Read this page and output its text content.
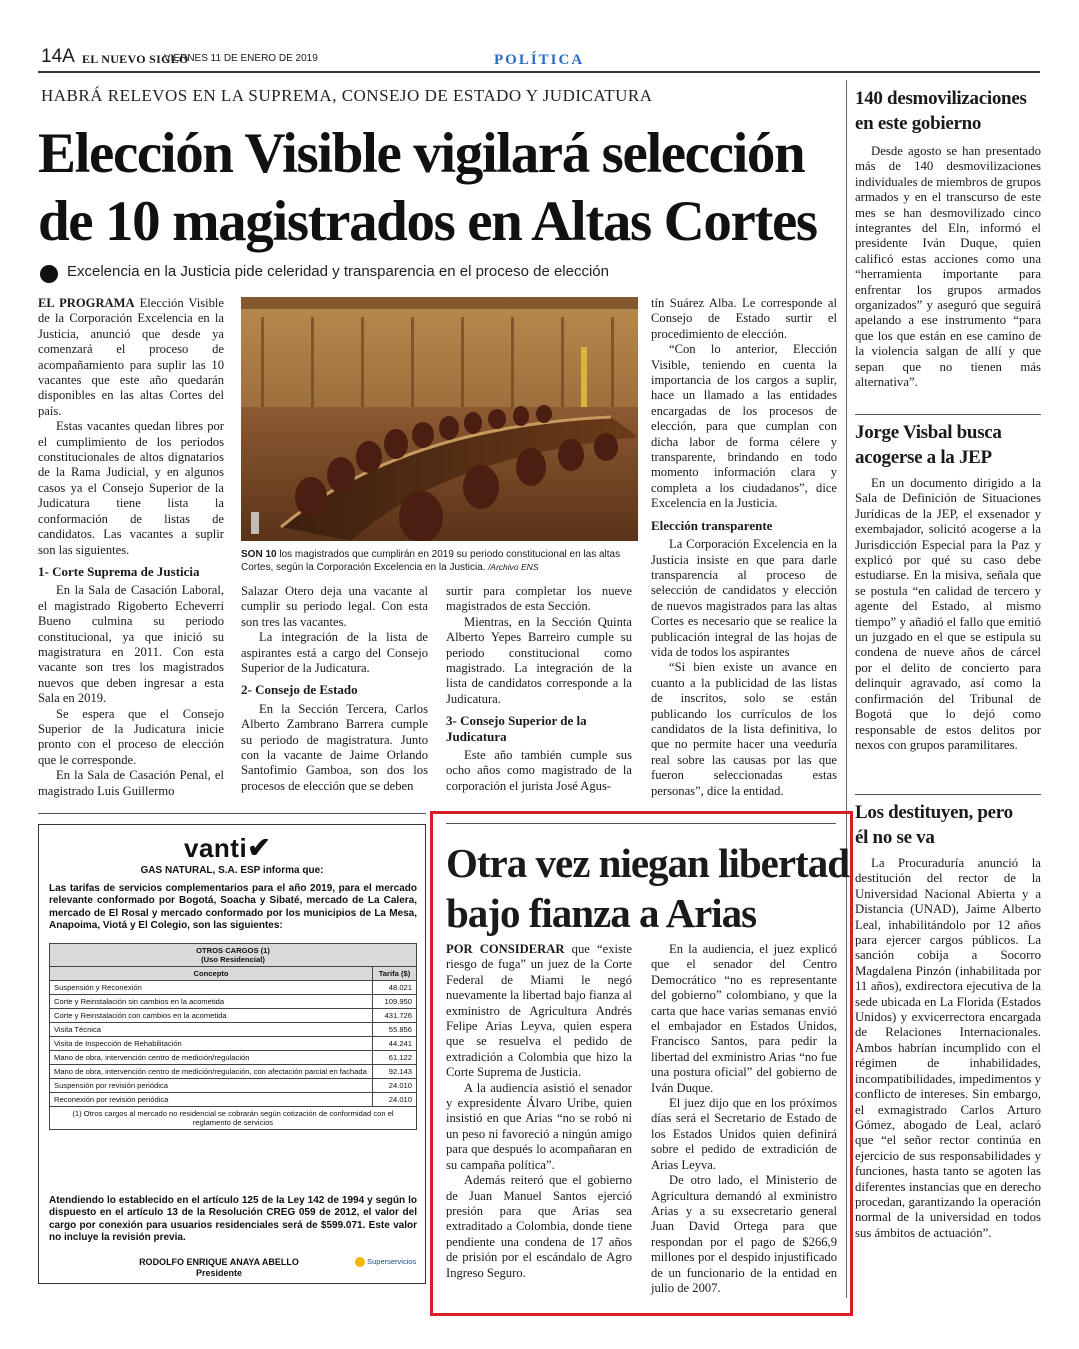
14A EL NUEVO SIGLO
VIERNES 11 DE ENERO DE 2019	POLÍTICA
HABRÁ RELEVOS EN LA SUPREMA, CONSEJO DE ESTADO Y JUDICATURA
Elección Visible vigilará selección
de 10 magistrados en Altas Cortes
Excelencia en la Justicia pide celeridad y transparencia en el proceso de elección

EL PROGRAMA Elección Visible de la Corporación Excelencia en la Justicia, anunció que desde ya comenzará el proceso de acompañamiento para suplir las 10 vacantes que este año quedarán disponibles en las altas Cortes del país.

Estas vacantes quedan libres por el cumplimiento de los periodos constitucionales de altos dignatarios de la Rama Judicial, y en algunos casos ya el Consejo Superior de la Judicatura tiene lista la conformación de listas de candidatos. Las vacantes a suplir son las siguientes.

1- Corte Suprema de Justicia

En la Sala de Casación Laboral, el magistrado Rigoberto Echeverri Bueno culmina su periodo constitucional, ya que inició su magistratura en 2011. Con esta vacante son tres los magistrados nuevos que deben ingresar a esta Sala en 2019.

Se espera que el Consejo Superior de la Judicatura inicie pronto con el proceso de elección que le corresponde.

En la Sala de Casación Penal, el magistrado Luis Guillermo

SON 10 los magistrados que cumplirán en 2019 su periodo constitucional en las altas Cortes, según la Corporación Excelencia en la Justicia. /Archivo ENS

Salazar Otero deja una vacante al cumplir su periodo legal. Con esta son tres las vacantes.

La integración de la lista de aspirantes está a cargo del Consejo Superior de la Judicatura.

2- Consejo de Estado

En la Sección Tercera, Carlos Alberto Zambrano Barrera cumple su periodo de magistratura. Junto con la vacante de Jaime Orlando Santofimio Gamboa, son dos los procesos de elección que se deben

surtir para completar los nueve magistrados de esta Sección.

Mientras, en la Sección Quinta Alberto Yepes Barreiro cumple su periodo constitucional como magistrado. La integración de la lista de candidatos corresponde a la Judicatura.

3- Consejo Superior de la Judicatura

Este año también cumple sus ocho años como magistrado de la corporación el jurista José Agus-

tín Suárez Alba. Le corresponde al Consejo de Estado surtir el procedimiento de elección.

“Con lo anterior, Elección Visible, teniendo en cuenta la importancia de los cargos a suplir, hace un llamado a las entidades encargadas de los procesos de elección, para que cumplan con dicha labor de forma célere y transparente, brindando en todo momento información clara y completa a los ciudadanos”, dice Excelencia en la Justicia.

Elección transparente

La Corporación Excelencia en la Justicia insiste en que para darle transparencia al proceso de selección de candidatos y elección de nuevos magistrados para las altas Cortes es necesario que se realice la publicación integral de las hojas de vida de todos los aspirantes

“Si bien existe un avance en cuanto a la publicidad de las listas de inscritos, solo se están publicando los currículos de los candidatos de la lista definitiva, lo que no permite hacer una veeduría real sobre las causas por las que fueron seleccionadas estas personas”, dice la entidad.

140 desmovilizaciones en este gobierno

Desde agosto se han presentado más de 140 desmovilizaciones individuales de miembros de grupos armados y en el transcurso de este mes se han desmovilizado cinco integrantes del Eln, informó el presidente Iván Duque, quien calificó estas acciones como una “herramienta importante para enfrentar los grupos armados organizados” y aseguró que seguirá apelando a ese instrumento “para que los que están en ese camino de la violencia salgan de allí y que sepan que no tienen más alternativa”.

Jorge Visbal busca acogerse a la JEP

En un documento dirigido a la Sala de Definición de Situaciones Jurídicas de la JEP, el exsenador y exembajador, solicitó acogerse a la Jurisdicción Especial para la Paz y explicó por qué su caso debe estudiarse. En la misiva, señala que se postula “en calidad de tercero y agente del Estado, al mismo tiempo” y añadió el fallo que emitió un juzgado en el que se estipula su condena de nueve años de cárcel por el delito de concierto para delinquir agravado, así como la confirmación del Tribunal de Bogotá que lo dejó como responsable de estos delitos por nexos con grupos paramilitares.

Los destituyen, pero él no se va

La Procuraduría anunció la destitución del rector de la Universidad Nacional Abierta y a Distancia (UNAD), Jaime Alberto Leal, inhabilitándolo por 12 años para ejercer cargos públicos. La sanción cobija a Socorro Magdalena Pinzón (inhabilitada por 11 años), exdirectora ejecutiva de la sede ubicada en La Florida (Estados Unidos) y exvicerrectora encargada de Relaciones Internacionales. Ambos habrían incumplido con el régimen de inhabilidades, incompatibilidades, impedimentos y conflicto de intereses. Sin embargo, el exmagistrado Carlos Arturo Gómez, abogado de Leal, aclaró que “el señor rector continúa en ejercicio de sus responsabilidades y funciones, hasta tanto se agoten las diferentes instancias que en derecho procedan, garantizando la operación normal de la universidad en todos sus ámbitos de actuación”.

vanti✔
GAS NATURAL, S.A. ESP informa que:
Las tarifas de servicios complementarios para el año 2019, para el mercado relevante conformado por Bogotá, Soacha y Sibaté, mercado de La Calera, mercado de El Rosal y mercado conformado por los municipios de La Mesa, Anapoima, Viotá y El Colegio, son las siguientes:
OTROS CARGOS (1)
(Uso Residencial)	
Concepto	Tarifa ($)
Suspensión y Reconexión	48.021
Corte y Reinstalación sin cambios en la acometida	109.950
Corte y Reinstalación con cambios en la acometida	431.726
Visita Técnica	55.856
Visita de Inspección de Rehabilitación	44.241
Mano de obra, intervención centro de medición/regulación	61.122
Mano de obra, intervención centro de medición/regulación, con afectación parcial en fachada	92.143
Suspensión por revisión periódica	24.010
Reconexión por revisión periódica	24.010
(1) Otros cargos al mercado no residencial se cobrarán según cotización de conformidad con el reglamento de servicios	
Atendiendo lo establecido en el artículo 125 de la Ley 142 de 1994 y según lo dispuesto en el artículo 13 de la Resolución CREG 059 de 2012, el valor del cargo por conexión para usuarios residenciales será de $599.071. Este valor no incluye la revisión previa.
RODOLFO ENRIQUE ANAYA ABELLO
Presidente
Superservicios
Otra vez niegan libertad
bajo fianza a Arias

POR CONSIDERAR que “existe riesgo de fuga” un juez de la Corte Federal de Miami le negó nuevamente la libertad bajo fianza al exministro de Agricultura Andrés Felipe Arias Leyva, quien espera que se resuelva el pedido de extradición a Colombia que hizo la Corte Suprema de Justicia.

A la audiencia asistió el senador y expresidente Álvaro Uribe, quien insistió en que Arias “no se robó ni un peso ni favoreció a ningún amigo para que después lo acompañaran en su campaña política”.

Además reiteró que el gobierno de Juan Manuel Santos ejerció presión para que Arias sea extraditado a Colombia, donde tiene pendiente una condena de 17 años de prisión por el escándalo de Agro Ingreso Seguro.

En la audiencia, el juez explicó que el senador del Centro Democrático “no es representante del gobierno” colombiano, y que la carta que hace varias semanas envió el embajador en Estados Unidos, Francisco Santos, para pedir la libertad del exministro Arias “no fue una postura oficial” del gobierno de Iván Duque.

El juez dijo que en los próximos días será el Secretario de Estado de los Estados Unidos quien definirá sobre el pedido de extradición de Arias Leyva.

De otro lado, el Ministerio de Agricultura demandó al exministro Arias y a su exsecretario general Juan David Ortega para que respondan por el pago de $266,9 millones por el despido injustificado de un funcionario de la entidad en julio de 2007.
